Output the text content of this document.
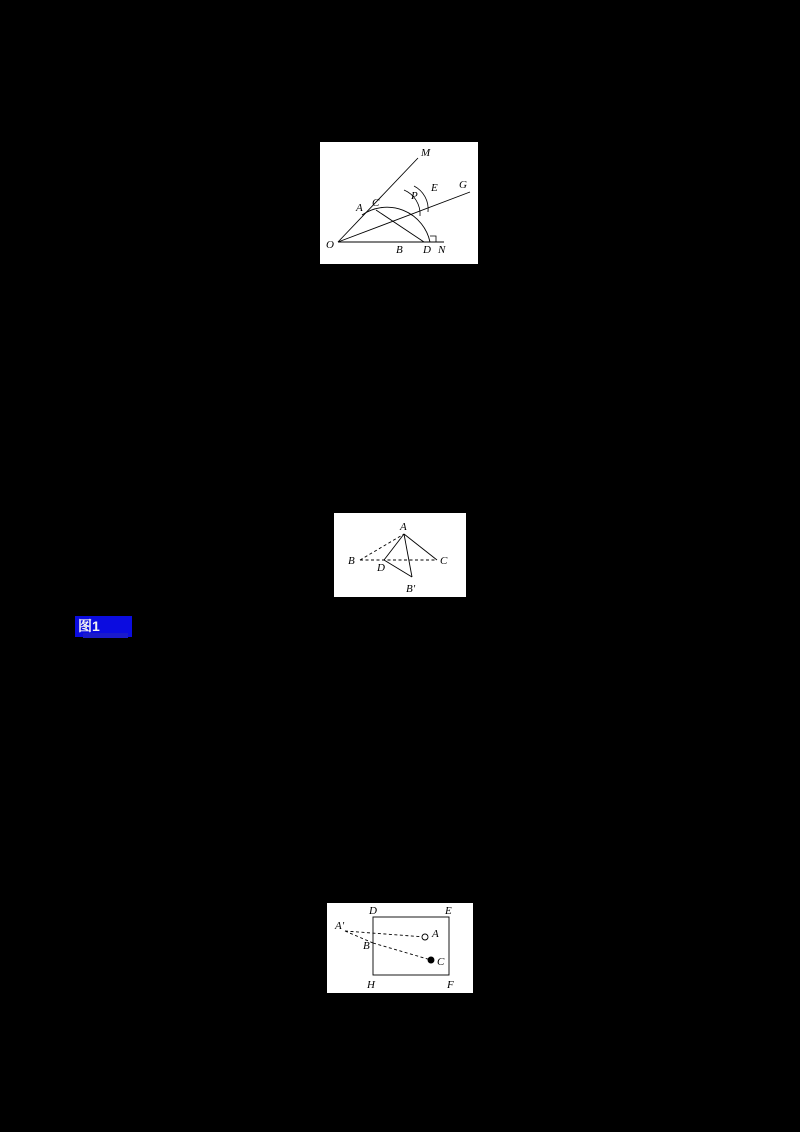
M
G
A C
P
E
O	B D N
A
B
D
C
B′
图1
D	E
A′
A
B
C
H	F
